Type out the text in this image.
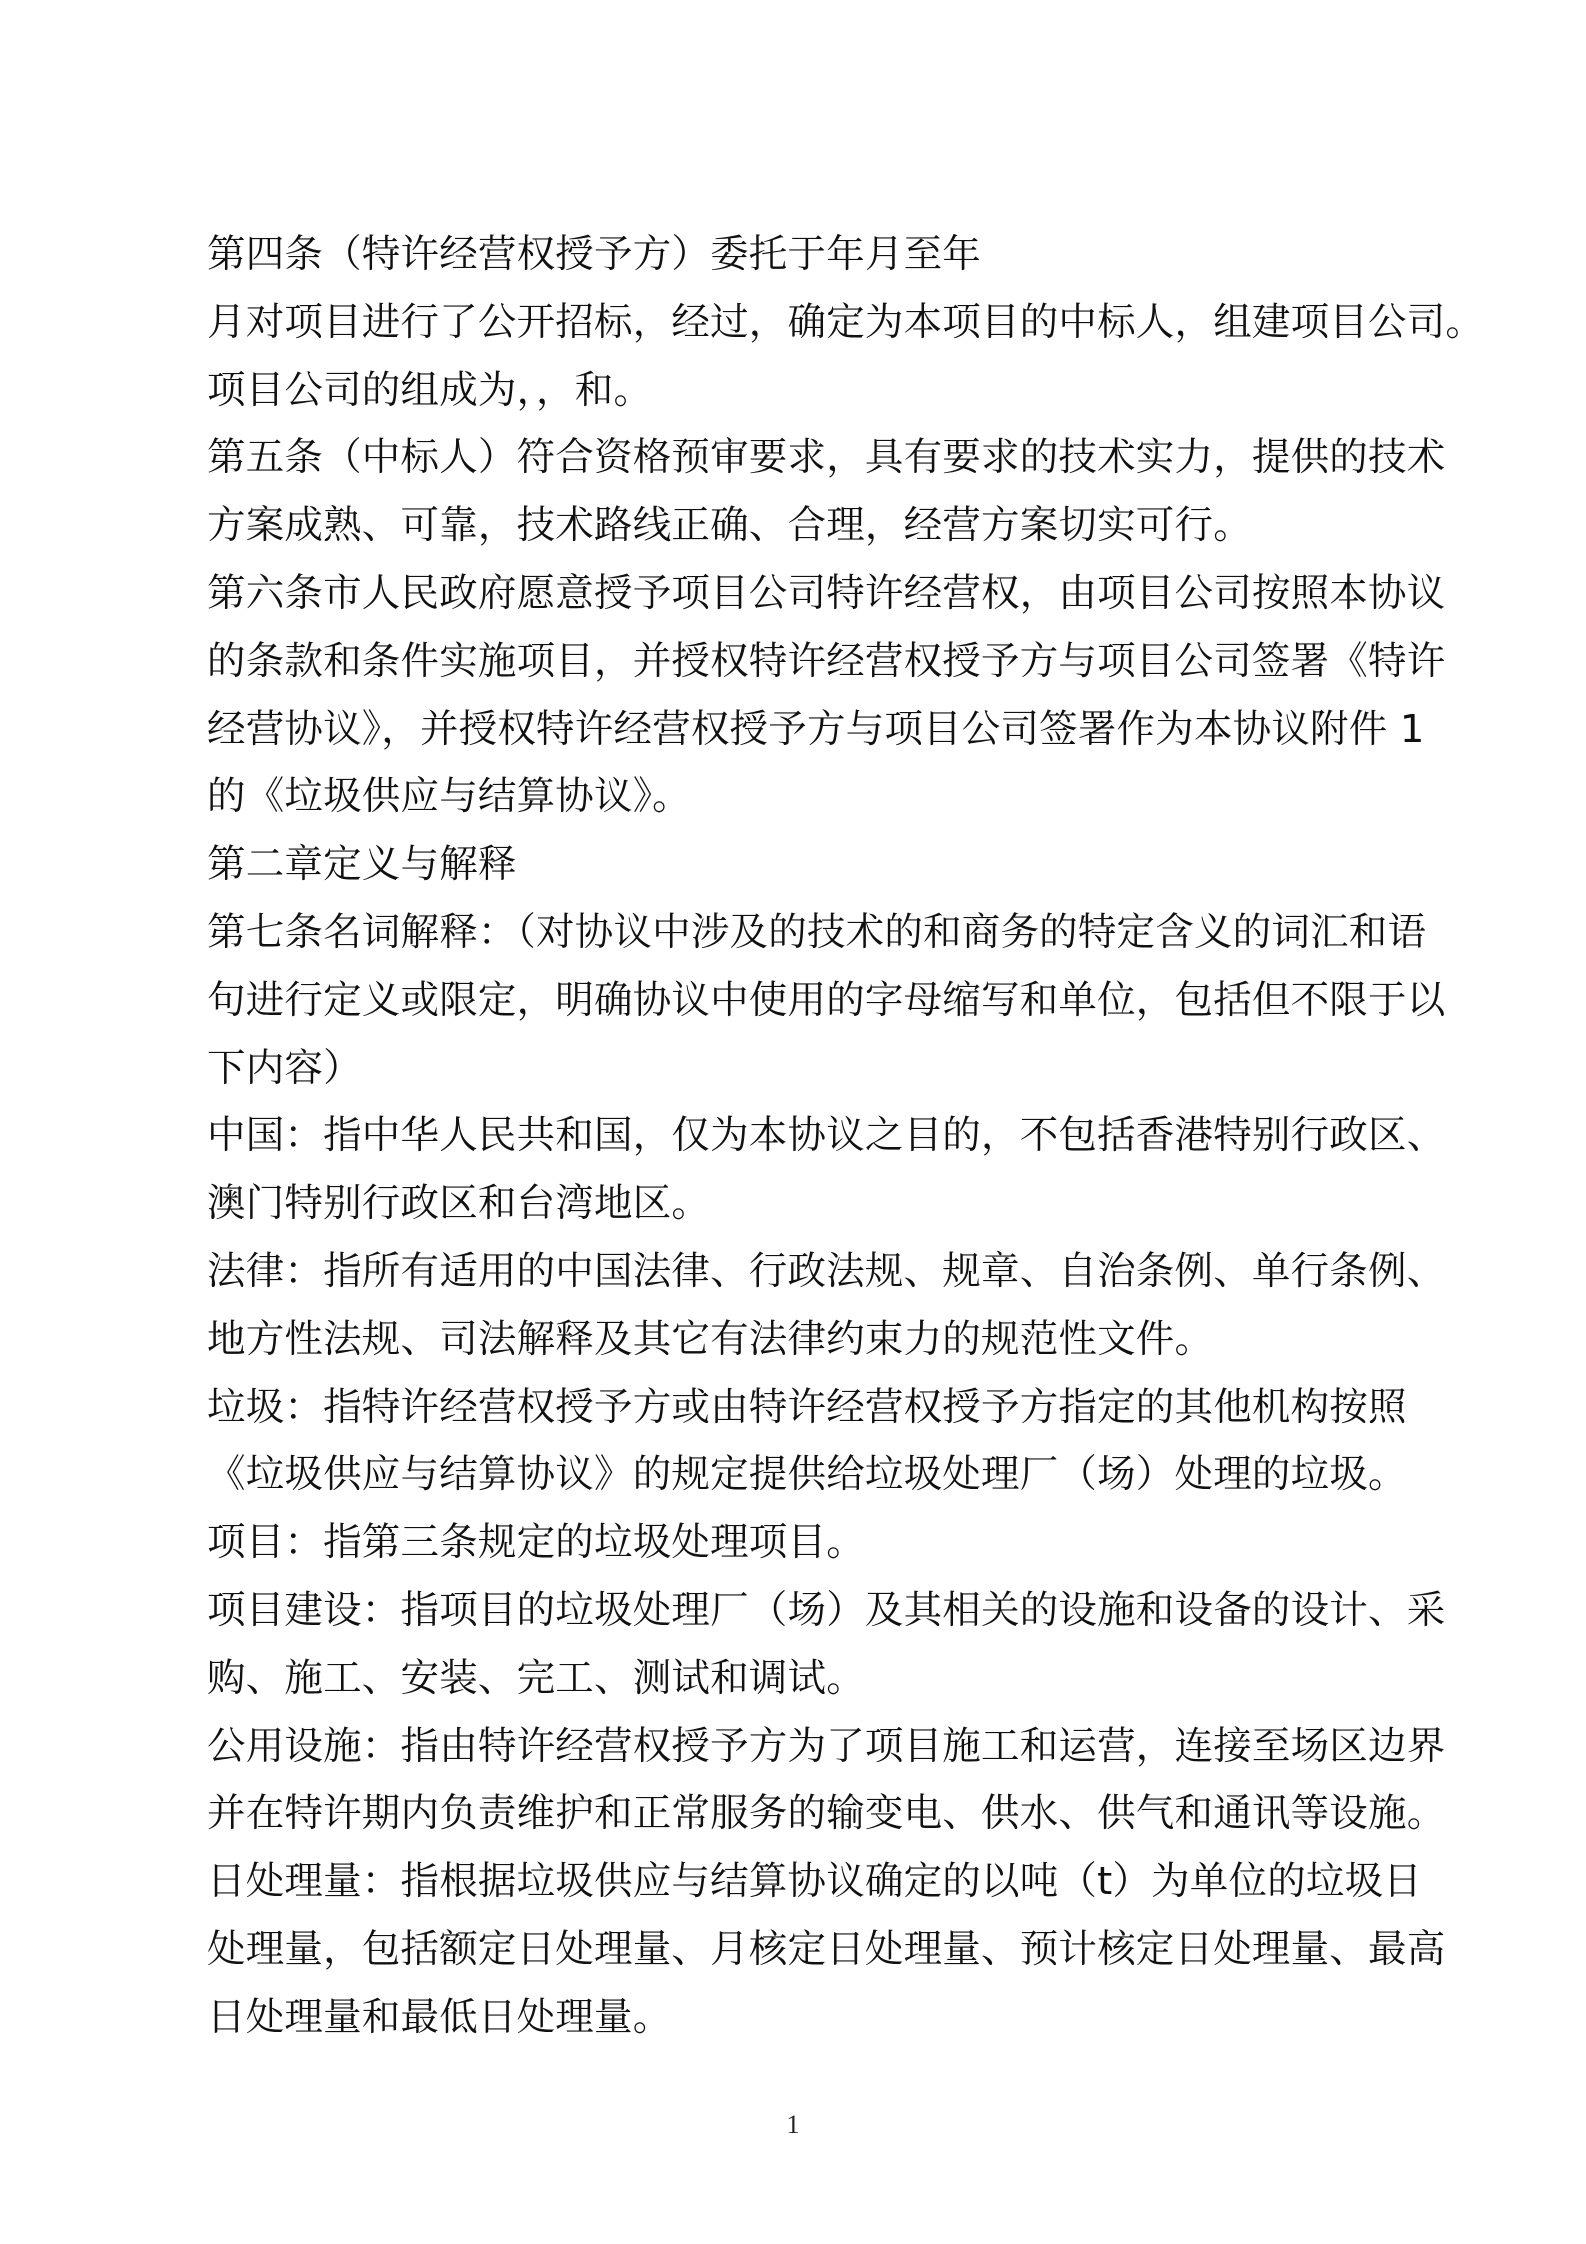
第四条（特许经营权授予方）委托于年月至年
月对项目进行了公开招标，经过，确定为本项目的中标人，组建项目公司。
项目公司的组成为，，和。
第五条（中标人）符合资格预审要求，具有要求的技术实力，提供的技术
方案成熟、可靠，技术路线正确、合理，经营方案切实可行。
第六条市人民政府愿意授予项目公司特许经营权，由项目公司按照本协议
的条款和条件实施项目，并授权特许经营权授予方与项目公司签署《特许
经营协议》，并授权特许经营权授予方与项目公司签署作为本协议附件 1
的《垃圾供应与结算协议》。
第二章定义与解释
第七条名词解释：（对协议中涉及的技术的和商务的特定含义的词汇和语
句进行定义或限定，明确协议中使用的字母缩写和单位，包括但不限于以
下内容）
中国：指中华人民共和国，仅为本协议之目的，不包括香港特别行政区、
澳门特别行政区和台湾地区。
法律：指所有适用的中国法律、行政法规、规章、自治条例、单行条例、
地方性法规、司法解释及其它有法律约束力的规范性文件。
垃圾：指特许经营权授予方或由特许经营权授予方指定的其他机构按照
《垃圾供应与结算协议》的规定提供给垃圾处理厂（场）处理的垃圾。
项目：指第三条规定的垃圾处理项目。
项目建设：指项目的垃圾处理厂（场）及其相关的设施和设备的设计、采
购、施工、安装、完工、测试和调试。
公用设施：指由特许经营权授予方为了项目施工和运营，连接至场区边界
并在特许期内负责维护和正常服务的输变电、供水、供气和通讯等设施。
日处理量：指根据垃圾供应与结算协议确定的以吨（t）为单位的垃圾日
处理量，包括额定日处理量、月核定日处理量、预计核定日处理量、最高
日处理量和最低日处理量。
1
